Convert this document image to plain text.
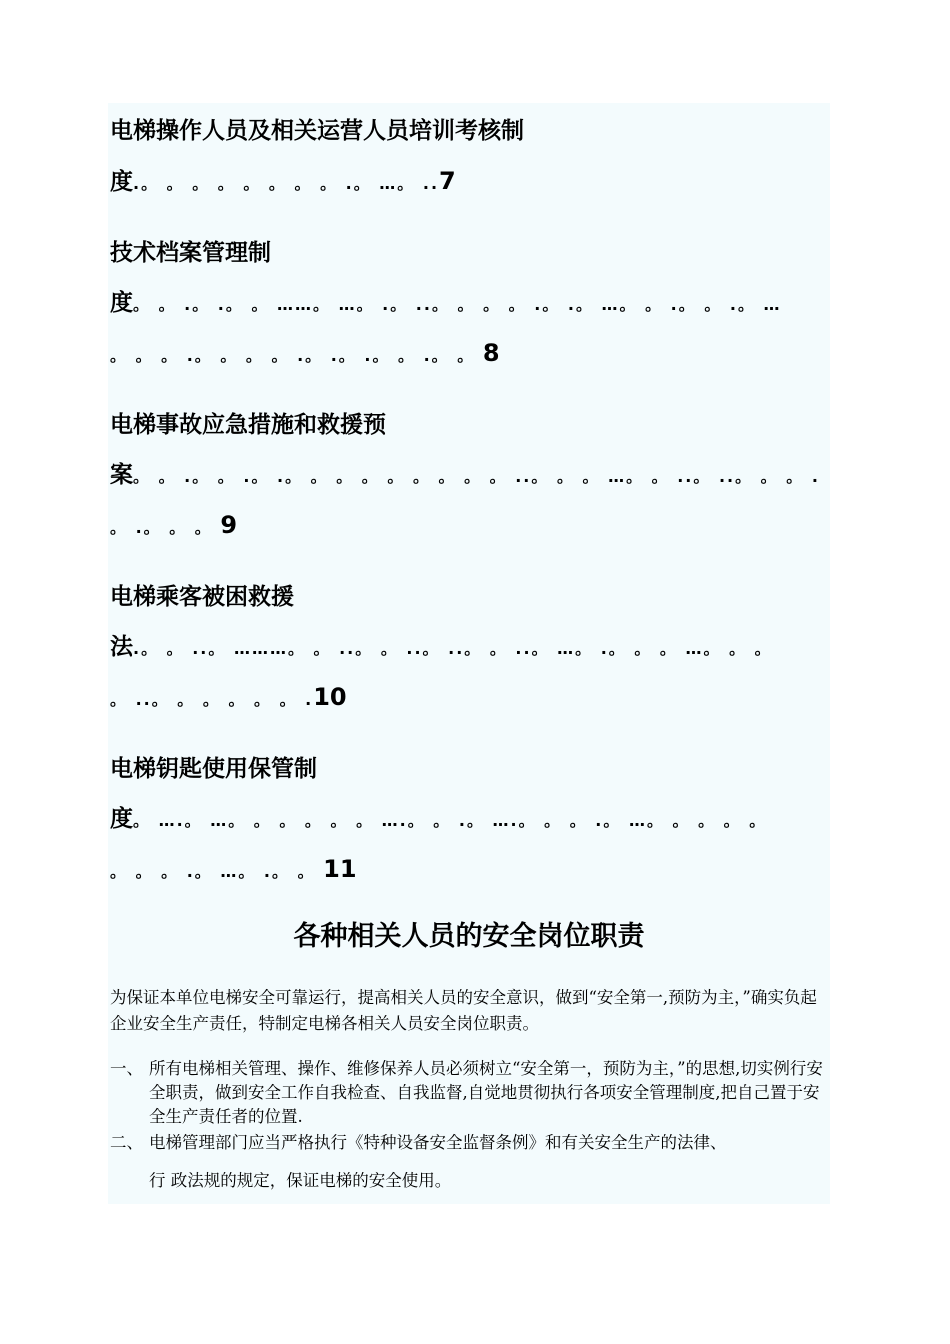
电梯操作人员及相关运营人员培训考核制
度.。 。 。 。 。 。 。 。 .。 …。 ..7
技术档案管理制
度。 。 .。 .。 。 ……。 …。 .。 ..。 。 。 。 .。 .。 …。 。 .。 。 .。 …
。 。 。 .。 。 。 。 .。 .。 .。 。 .。 。 8
电梯事故应急措施和救援预
案。 。 .。 。 .。 .。 。 。 。 。 。 。 。 。 ..。 。 。 …。 。 ..。 ..。 。 。 .
。 .。 。 。 9
电梯乘客被困救援
法.。 。 ..。 ………。 。 ..。 。 ..。 ..。 。 ..。 …。 .。 。 。 …。 。 。
。 ..。 。 。 。 。 。 .10
电梯钥匙使用保管制
度。 ….。 …。 。 。 。 。 。 ….。 。 .。 ….。 。 。 .。 …。 。 。 。 。
。 。 。 .。 …。 .。 。 11
各种相关人员的安全岗位职责
为保证本单位电梯安全可靠运行，提高相关人员的安全意识，做到“安全第一,预防为主，”确实负起企业安全生产责任，特制定电梯各相关人员安全岗位职责。
一、 所有电梯相关管理、操作、维修保养人员必须树立“安全第一，预防为主，”的思想,切实例行安全职责，做到安全工作自我检查、自我监督,自觉地贯彻执行各项安全管理制度,把自己置于安全生产责任者的位置.
二、 电梯管理部门应当严格执行《特种设备安全监督条例》和有关安全生产的法律、
行 政法规的规定，保证电梯的安全使用。
